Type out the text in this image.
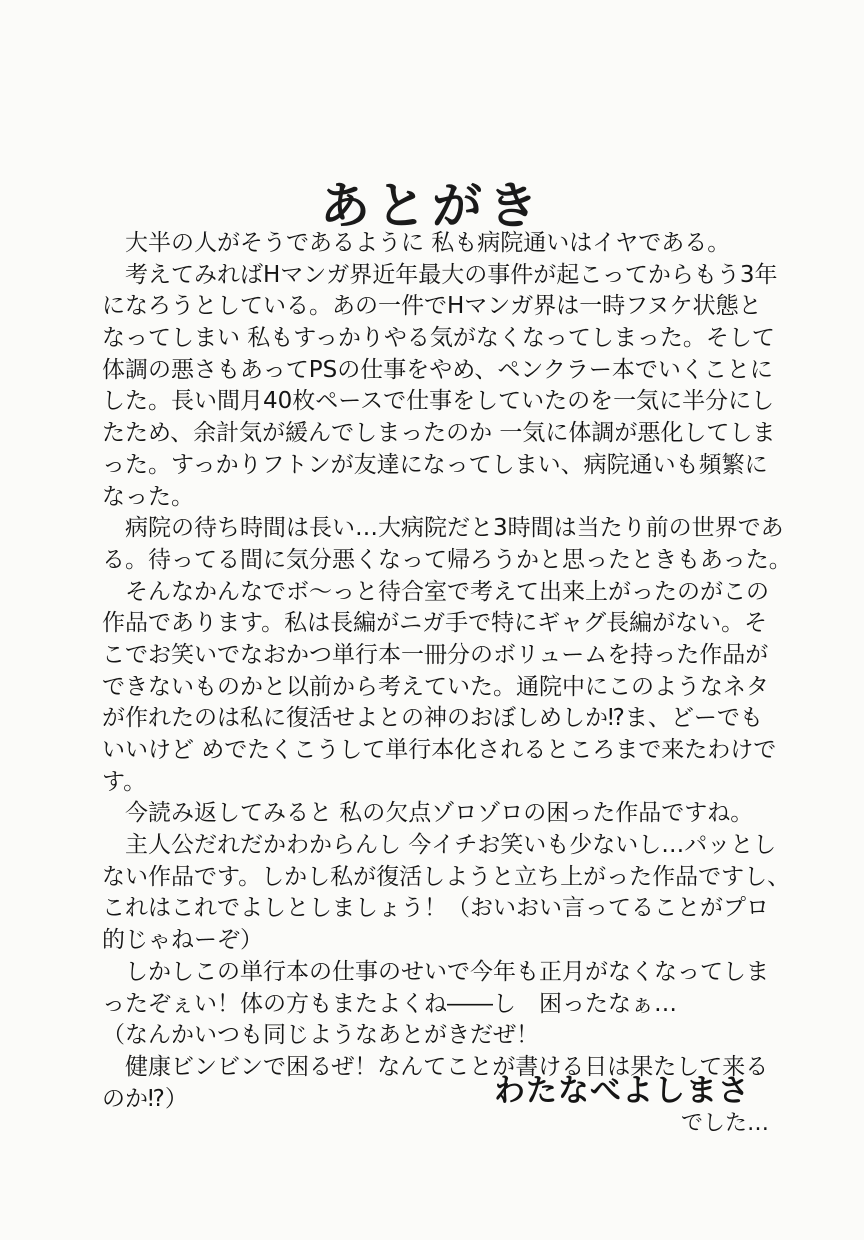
あとがき
　大半の人がそうであるように 私も病院通いはイヤである。
　考えてみればHマンガ界近年最大の事件が起こってからもう3年
になろうとしている。あの一件でHマンガ界は一時フヌケ状態と
なってしまい 私もすっかりやる気がなくなってしまった。そして
体調の悪さもあってPSの仕事をやめ、ペンクラー本でいくことに
した。長い間月40枚ペースで仕事をしていたのを一気に半分にし
たため、余計気が緩んでしまったのか 一気に体調が悪化してしま
った。すっかりフトンが友達になってしまい、病院通いも頻繁に
なった。
　病院の待ち時間は長い…大病院だと3時間は当たり前の世界であ
る。待ってる間に気分悪くなって帰ろうかと思ったときもあった。
　そんなかんなでボ〜っと待合室で考えて出来上がったのがこの
作品であります。私は長編がニガ手で特にギャグ長編がない。そ
こでお笑いでなおかつ単行本一冊分のボリュームを持った作品が
できないものかと以前から考えていた。通院中にこのようなネタ
が作れたのは私に復活せよとの神のおぼしめしか⁉ま、どーでも
いいけど めでたくこうして単行本化されるところまで来たわけで
す。
　今読み返してみると 私の欠点ゾロゾロの困った作品ですね。
　主人公だれだかわからんし 今イチお笑いも少ないし…パッとし
ない作品です。しかし私が復活しようと立ち上がった作品ですし、
これはこれでよしとしましょう！（おいおい言ってることがプロ
的じゃねーぞ）
　しかしこの単行本の仕事のせいで今年も正月がなくなってしま
ったぞぇい！体の方もまたよくね――し　困ったなぁ…
（なんかいつも同じようなあとがきだぜ！
　健康ビンビンで困るぜ！なんてことが書ける日は果たして来る
のか⁉）	わたなべよしまさ
でした…
